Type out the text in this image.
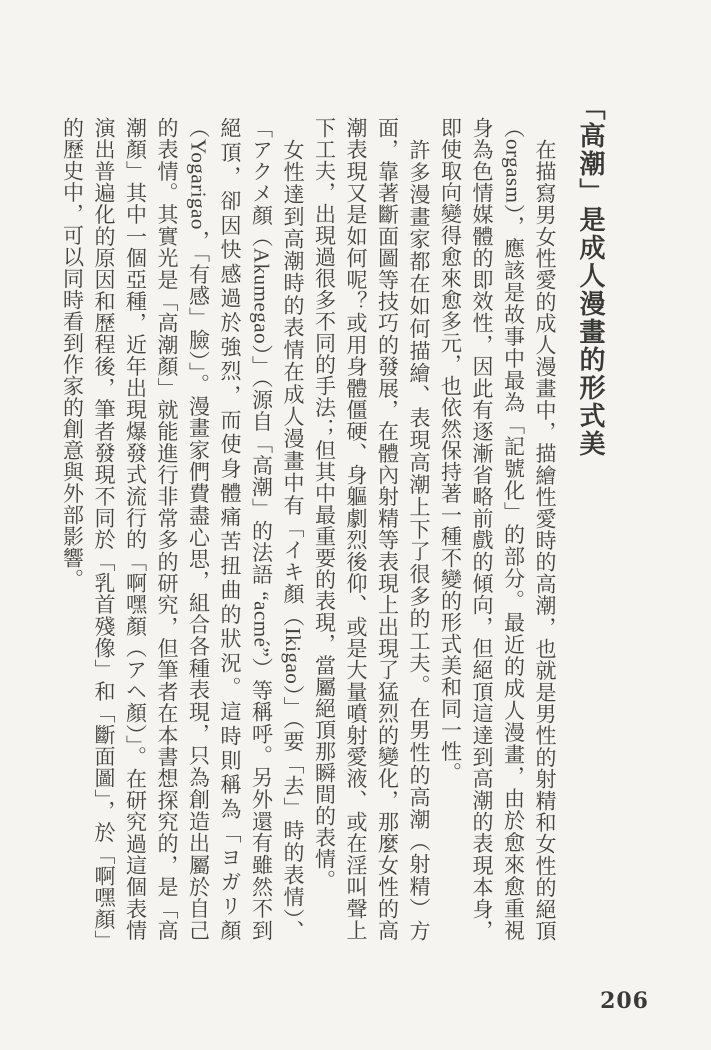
「高潮」是成人漫畫的形式美

在描寫男女性愛的成人漫畫中，描繪性愛時的高潮，也就是男性的射精和女性的絕頂（orgasm），應該是故事中最為「記號化」的部分。最近的成人漫畫，由於愈來愈重視身為色情媒體的即效性，因此有逐漸省略前戲的傾向，但絕頂這達到高潮的表現本身，即使取向變得愈來愈多元，也依然保持著一種不變的形式美和同一性。

許多漫畫家都在如何描繪、表現高潮上下了很多的工夫。在男性的高潮（射精）方面，靠著斷面圖等技巧的發展，在體內射精等表現上出現了猛烈的變化，那麼女性的高潮表現又是如何呢？或用身體僵硬、身軀劇烈後仰、或是大量噴射愛液、或在淫叫聲上下工夫，出現過很多不同的手法；但其中最重要的表現，當屬絕頂那瞬間的表情。

女性達到高潮時的表情在成人漫畫中有「イキ顏（Ikigao）」（要「去」時的表情）、「アクメ顏（Akumegao）」（源自「高潮」的法語 “acmé”）等稱呼。另外還有雖然不到絕頂，卻因快感過於強烈，而使身體痛苦扭曲的狀況。這時則稱為「ヨガリ顏（Yogarigao，「有感」臉）」。漫畫家們費盡心思，組合各種表現，只為創造出屬於自己的表情。其實光是「高潮顏」就能進行非常多的研究，但筆者在本書想探究的，是「高潮顏」其中一個亞種，近年出現爆發式流行的「啊嘿顏（アヘ顏）」。在研究過這個表情演出普遍化的原因和歷程後，筆者發現不同於「乳首殘像」和「斷面圖」，於「啊嘿顏」的歷史中，可以同時看到作家的創意與外部影響。

206
